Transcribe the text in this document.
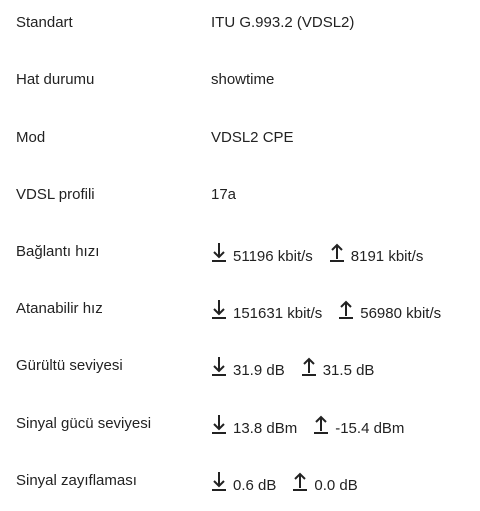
Standart	ITU G.993.2 (VDSL2)
Hat durumu	showtime
Mod	VDSL2 CPE
VDSL profili	17a
Bağlantı hızı	51196 kbit/s	8191 kbit/s
Atanabilir hız	151631 kbit/s	56980 kbit/s
Gürültü seviyesi	31.9 dB	31.5 dB
Sinyal gücü seviyesi	13.8 dBm	-15.4 dBm
Sinyal zayıflaması	0.6 dB	0.0 dB
